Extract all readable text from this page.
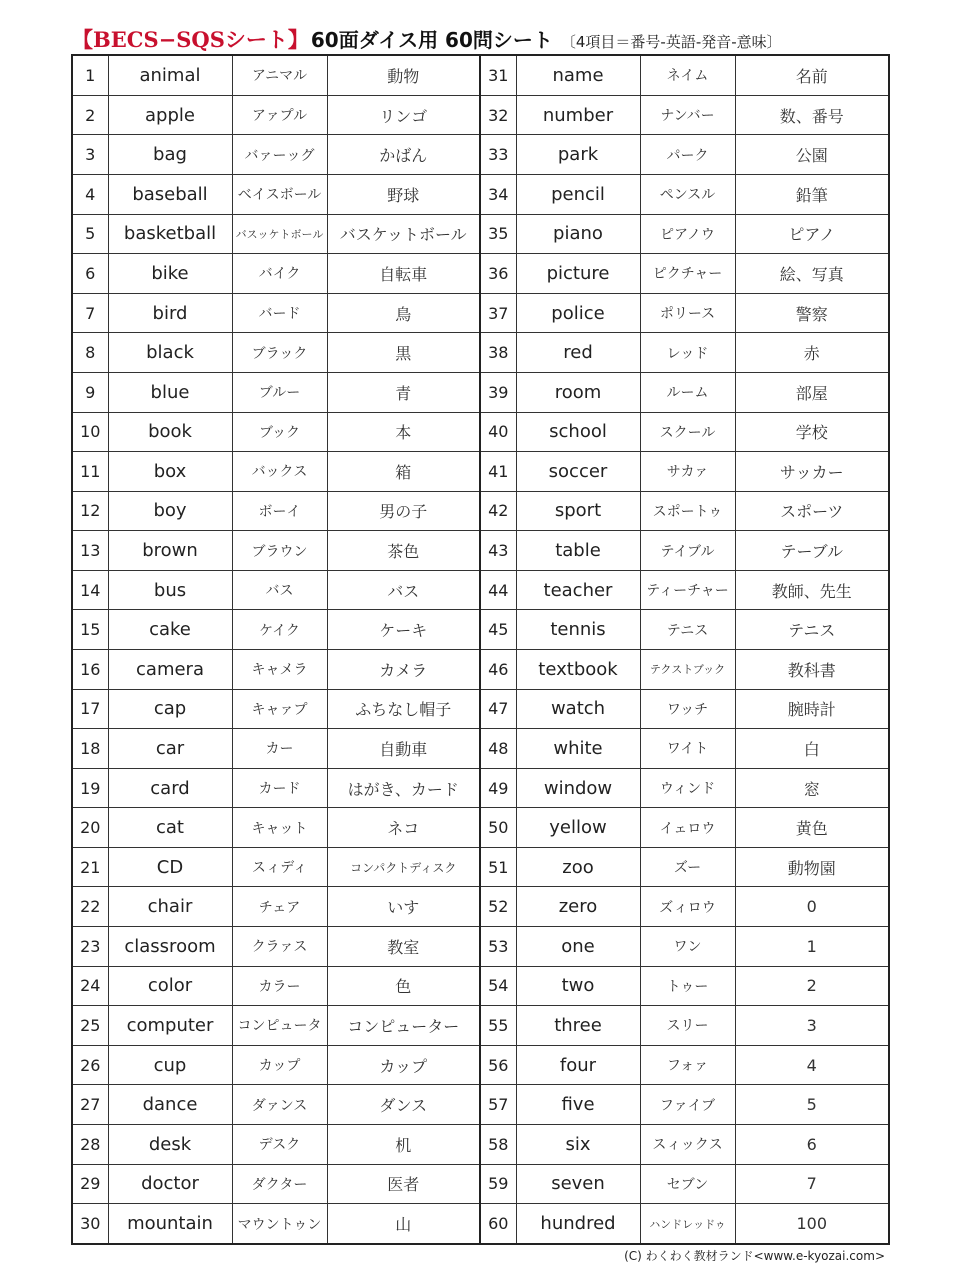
【BECS−SQSシート】 60面ダイス用 60問シート 〔4項目＝番号-英語-発音-意味〕
1	animal	アニマル	動物	31	name	ネイム	名前
2	apple	アァプル	リンゴ	32	number	ナンバー	数、番号
3	bag	バァーッグ	かばん	33	park	パーク	公園
4	baseball	ベイスボール	野球	34	pencil	ペンスル	鉛筆
5	basketball	バスッケトボール	バスケットボール	35	piano	ピアノウ	ピアノ
6	bike	バイク	自転車	36	picture	ピクチャー	絵、写真
7	bird	バード	鳥	37	police	ポリース	警察
8	black	ブラック	黒	38	red	レッド	赤
9	blue	ブルー	青	39	room	ルーム	部屋
10	book	ブック	本	40	school	スクール	学校
11	box	バックス	箱	41	soccer	サカァ	サッカー
12	boy	ボーイ	男の子	42	sport	スポートゥ	スポーツ
13	brown	ブラウン	茶色	43	table	テイブル	テーブル
14	bus	バス	バス	44	teacher	ティーチャー	教師、先生
15	cake	ケイク	ケーキ	45	tennis	テニス	テニス
16	camera	キャメラ	カメラ	46	textbook	テクストブック	教科書
17	cap	キャァプ	ふちなし帽子	47	watch	ワッチ	腕時計
18	car	カー	自動車	48	white	ワイト	白
19	card	カード	はがき、カード	49	window	ウィンド	窓
20	cat	キャット	ネコ	50	yellow	イェロウ	黄色
21	CD	スィディ	コンパクトディスク	51	zoo	ズー	動物園
22	chair	チェア	いす	52	zero	ズィロウ	0
23	classroom	クラァス	教室	53	one	ワン	1
24	color	カラー	色	54	two	トゥー	2
25	computer	コンピュータ	コンピューター	55	three	スリー	3
26	cup	カップ	カップ	56	four	フォァ	4
27	dance	ダァンス	ダンス	57	five	ファイブ	5
28	desk	デスク	机	58	six	スィックス	6
29	doctor	ダクター	医者	59	seven	セブン	7
30	mountain	マウントゥン	山	60	hundred	ハンドレッドゥ	100
(C) わくわく教材ランド<www.e-kyozai.com>
